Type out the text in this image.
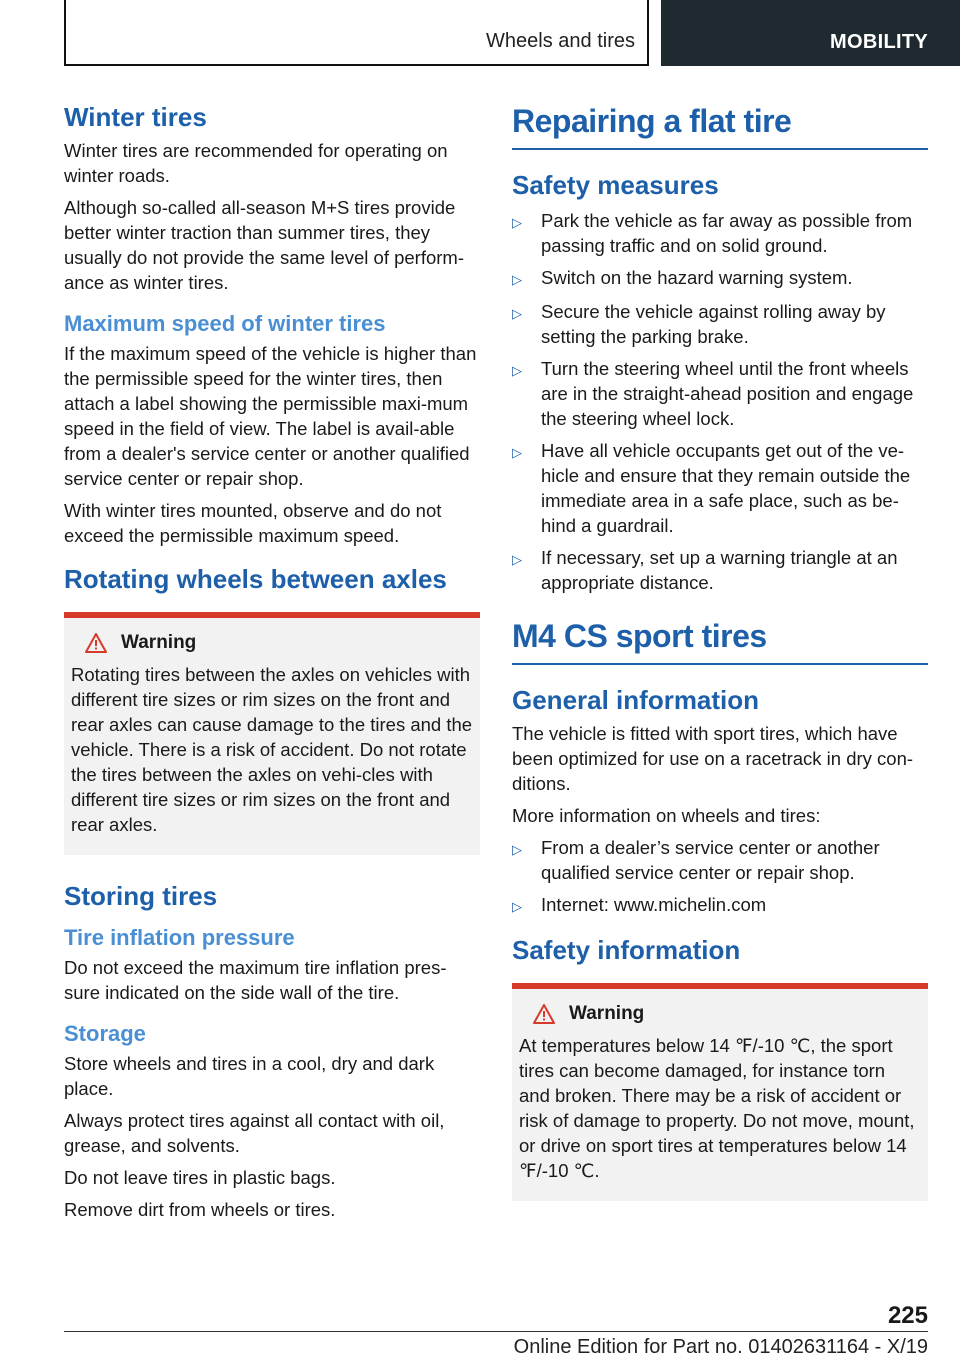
Wheels and tires	MOBILITY
Winter tires

Winter tires are recommended for operating on winter roads.

Although so-called all-season M+S tires provide better winter traction than summer tires, they usually do not provide the same level of perform‐ance as winter tires.

Maximum speed of winter tires

If the maximum speed of the vehicle is higher than the permissible speed for the winter tires, then attach a label showing the permissible maxi‐mum speed in the field of view. The label is avail‐able from a dealer's service center or another qualified service center or repair shop.

With winter tires mounted, observe and do not exceed the permissible maximum speed.

Rotating wheels between axles
Warning

Rotating tires between the axles on vehicles with different tire sizes or rim sizes on the front and rear axles can cause damage to the tires and the vehicle. There is a risk of accident. Do not rotate the tires between the axles on vehi‐cles with different tire sizes or rim sizes on the front and rear axles.

Storing tires
Tire inflation pressure

Do not exceed the maximum tire inflation pres‐sure indicated on the side wall of the tire.

Storage

Store wheels and tires in a cool, dry and dark place.

Always protect tires against all contact with oil, grease, and solvents.

Do not leave tires in plastic bags.

Remove dirt from wheels or tires.

Repairing a flat tire
Safety measures
▷	Park the vehicle as far away as possible from passing traffic and on solid ground.
▷	Switch on the hazard warning system.
▷	Secure the vehicle against rolling away by setting the parking brake.
▷	Turn the steering wheel until the front wheels are in the straight-ahead position and engage the steering wheel lock.
▷	Have all vehicle occupants get out of the ve‐hicle and ensure that they remain outside the immediate area in a safe place, such as be‐hind a guardrail.
▷	If necessary, set up a warning triangle at an appropriate distance.
M4 CS sport tires
General information

The vehicle is fitted with sport tires, which have been optimized for use on a racetrack in dry con‐ditions.

More information on wheels and tires:

▷	From a dealer’s service center or another qualified service center or repair shop.
▷	Internet: www.michelin.com
Safety information
Warning

At temperatures below 14 ℉/-10 ℃, the sport tires can become damaged, for instance torn and broken. There may be a risk of accident or risk of damage to property. Do not move, mount, or drive on sport tires at temperatures below 14 ℉/-10 ℃.

225
Online Edition for Part no. 01402631164 - X/19
